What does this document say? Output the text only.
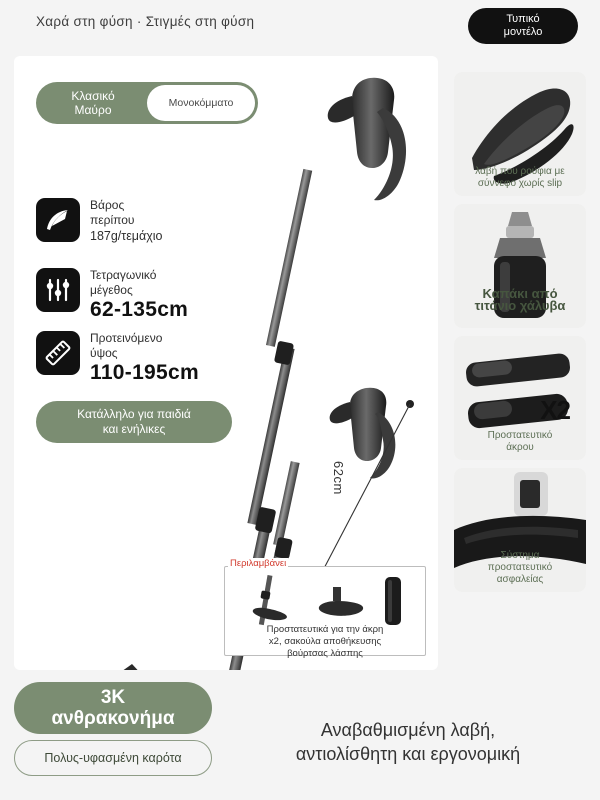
Χαρά στη φύση · Στιγμές στη φύση	Τυπικό
μοντέλο
62cm
Κλασικό
Μαύρο	Μονοκόμματο
Βάρος
περίπου
187g/τεμάχιο
Τετραγωνικό
μέγεθος
62-135cm
Προτεινόμενο
ύψος
110-195cm
Κατάλληλο για παιδιά
και ενήλικες
Περιλαμβάνει
Προστατευτικά για την άκρη
x2, σακούλα αποθήκευσης
βούρτσας λάσπης
λαβή που ρούφια με
σύννεφο χωρίς slip
Καπάκι από
τιτάνιο χάλυβα
X2
Προστατευτικό
άκρου
Σύστημα
προστατευτικό
ασφαλείας
3K
ανθρακονήμα
Πολυς-υφασμένη καρότα
Αναβαθμισμένη λαβή,
αντιολίσθητη και εργονομική
